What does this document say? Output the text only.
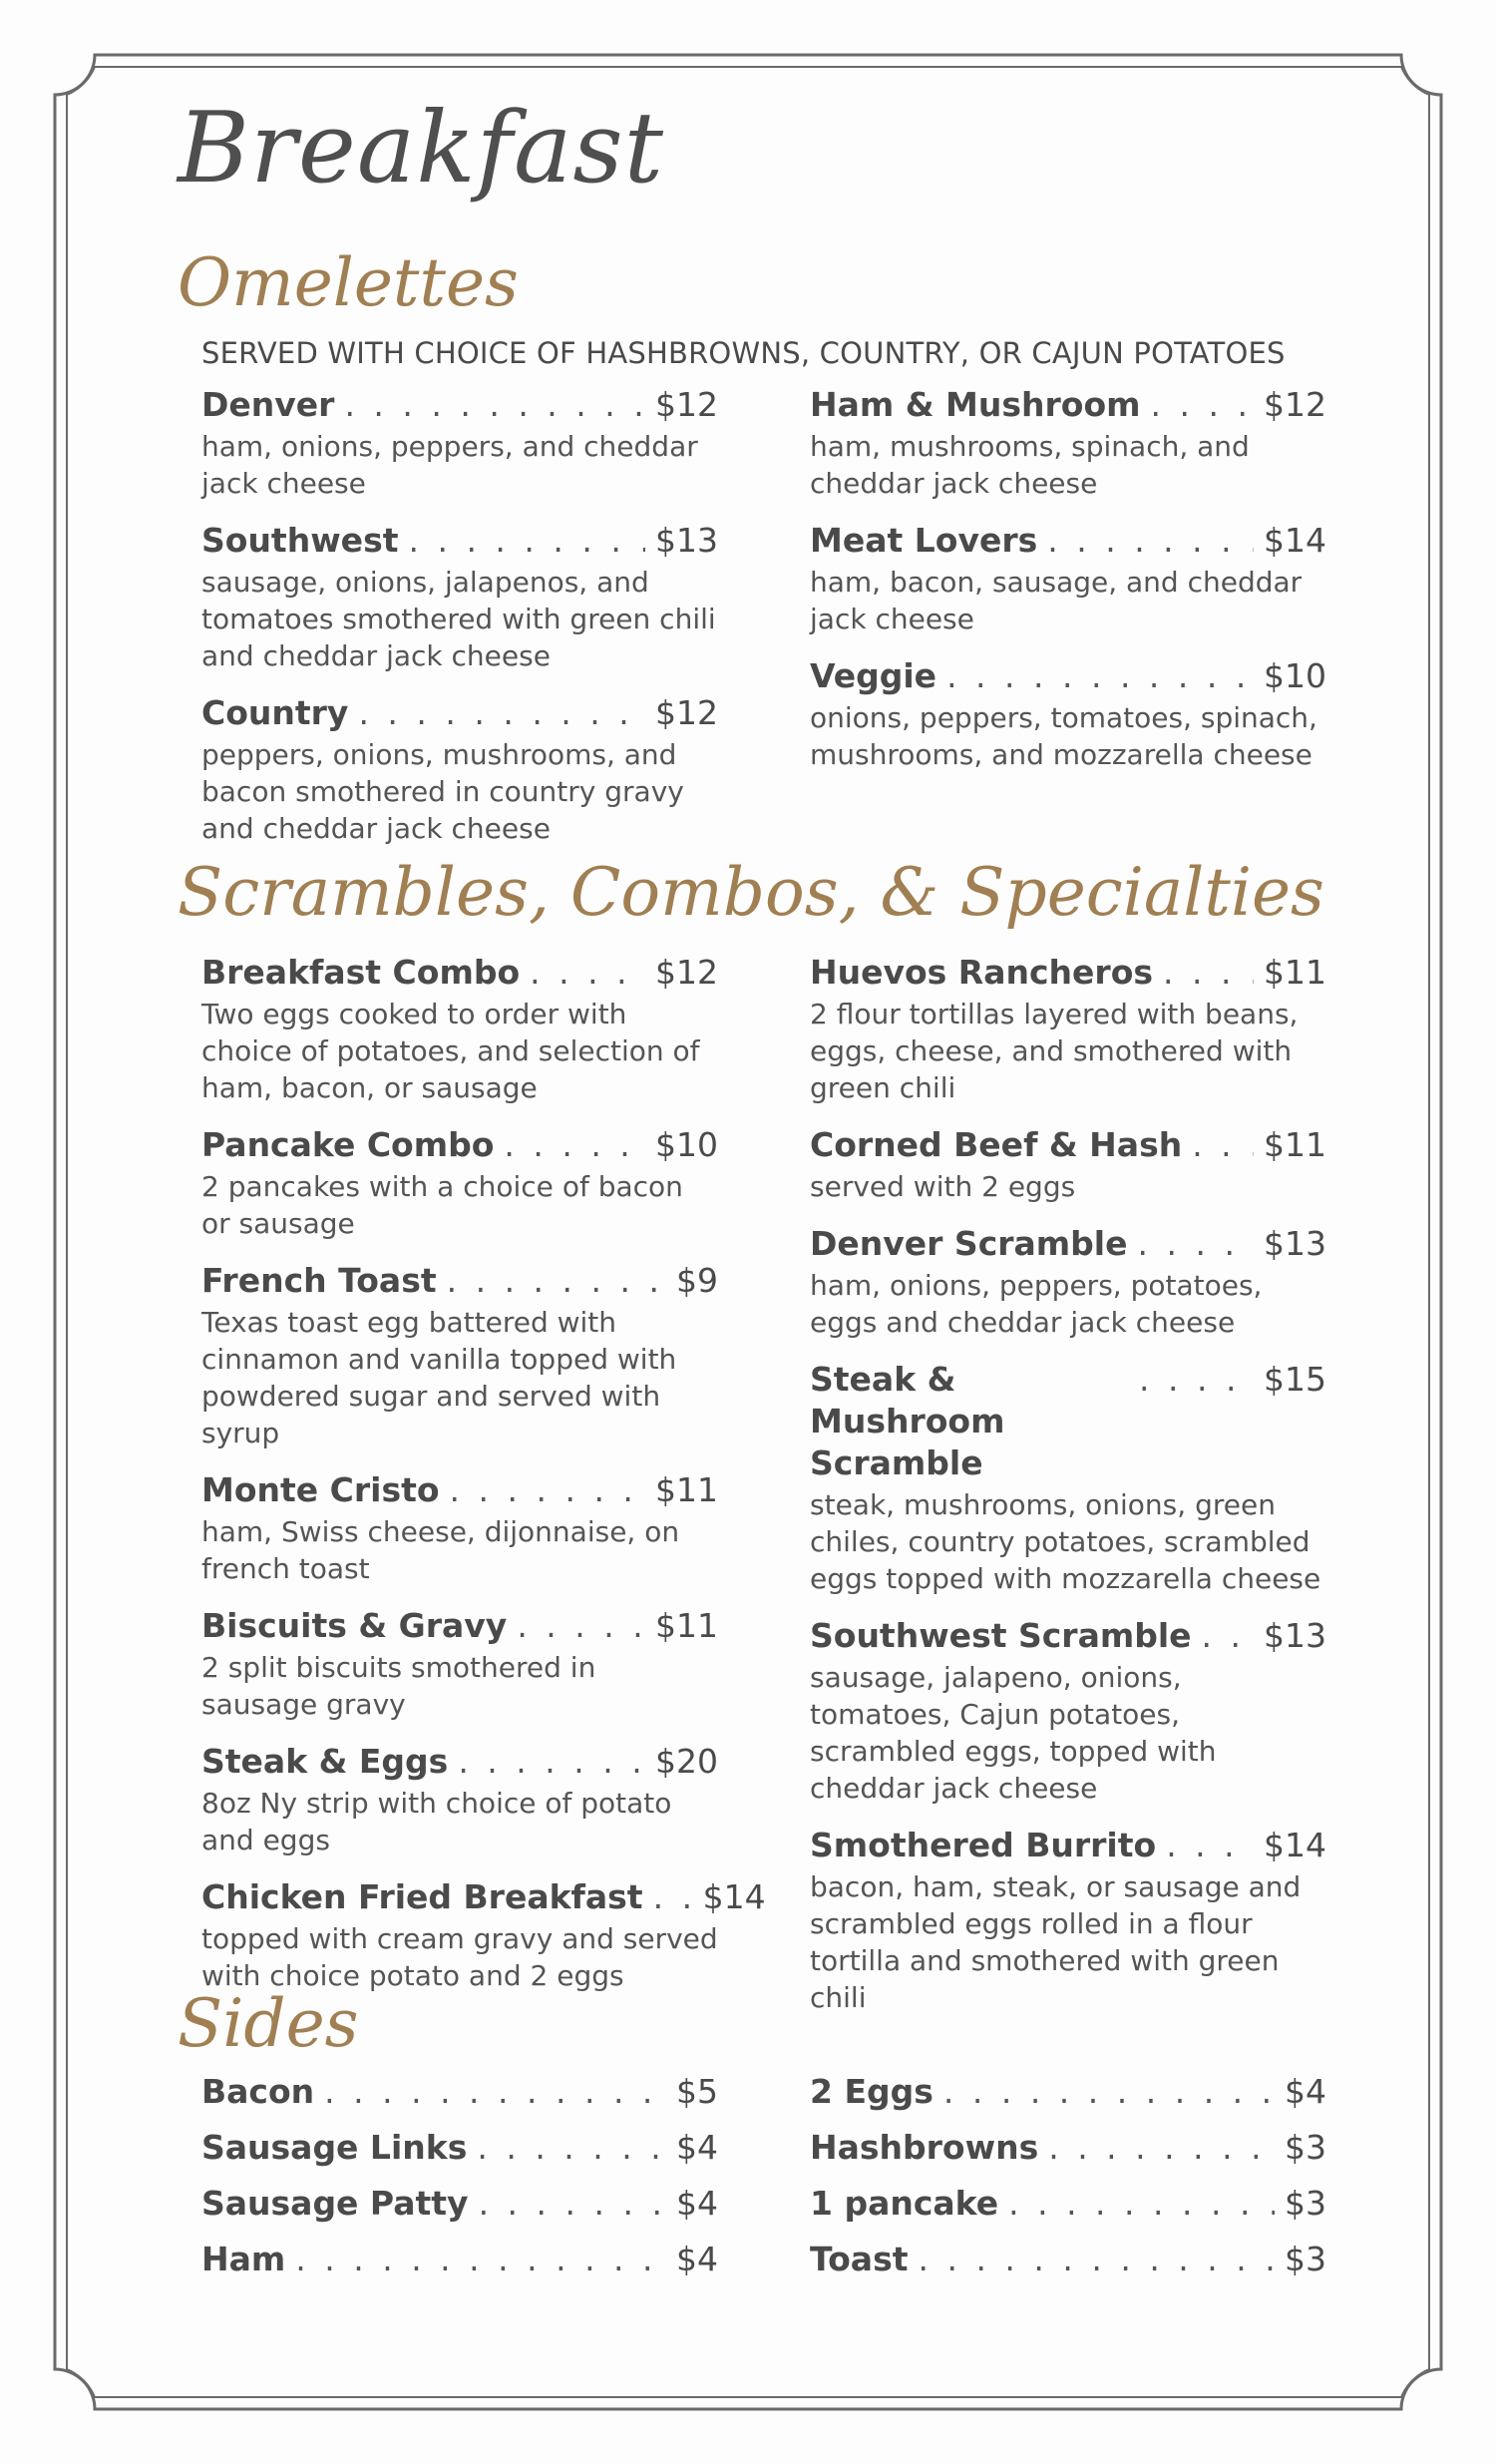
Breakfast
Omelettes
SERVED WITH CHOICE OF HASHBROWNS, COUNTRY, OR CAJUN POTATOES
Denver . . .	$12
ham, onions, peppers, and cheddar jack cheese
Southwest . . .	$13
sausage, onions, jalapenos, and tomatoes smothered with green chili and cheddar jack cheese
Country . . .	$12
peppers, onions, mushrooms, and bacon smothered in country gravy and cheddar jack cheese
Ham & Mushroom . . .	$12
ham, mushrooms, spinach, and cheddar jack cheese
Meat Lovers . . .	$14
ham, bacon, sausage, and cheddar jack cheese
Veggie . . .	$10
onions, peppers, tomatoes, spinach, mushrooms, and mozzarella cheese
Scrambles, Combos, & Specialties
Breakfast Combo . . .	$12
Two eggs cooked to order with choice of potatoes, and selection of ham, bacon, or sausage
Pancake Combo . . .	$10
2 pancakes with a choice of bacon or sausage
French Toast . . .	$9
Texas toast egg battered with cinnamon and vanilla topped with powdered sugar and served with syrup
Monte Cristo . . .	$11
ham, Swiss cheese, dijonnaise, on french toast
Biscuits & Gravy . . .	$11
2 split biscuits smothered in sausage gravy
Steak & Eggs . . .	$20
8oz Ny strip with choice of potato and eggs
Chicken Fried Breakfast . . . $14
topped with cream gravy and served with choice potato and 2 eggs
Huevos Rancheros . . .	$11
2 flour tortillas layered with beans, eggs, cheese, and smothered with green chili
Corned Beef & Hash . . . $11
served with 2 eggs
Denver Scramble . . .	$13
ham, onions, peppers, potatoes, eggs and cheddar jack cheese
Steak & Mushroom Scramble
. . .
$15
steak, mushrooms, onions, green chiles, country potatoes, scrambled eggs topped with mozzarella cheese
Southwest Scramble . . . $13
sausage, jalapeno, onions, tomatoes, Cajun potatoes, scrambled eggs, topped with cheddar jack cheese
Smothered Burrito . . .	$14
bacon, ham, steak, or sausage and scrambled eggs rolled in a flour tortilla and smothered with green chili
Sides
Bacon . . .	$5
Sausage Links . . .	$4
Sausage Patty . . .	$4
Ham . . .	$4
2 Eggs . . .	$4
Hashbrowns . . .	$3
1 pancake . . .	$3
Toast . . .	$3
